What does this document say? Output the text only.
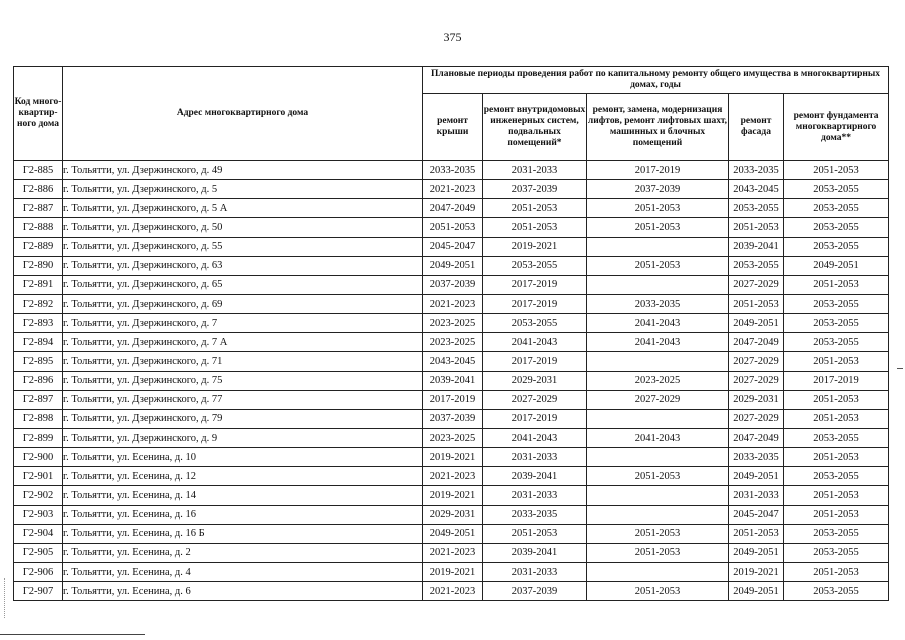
375
Код много-квартир-ного дома	Адрес многоквартирного дома	Плановые периоды проведения работ по капитальному ремонту общего имущества в многоквартирных домах, годы				
		ремонт крыши	ремонт внутридомовых инженерных систем, подвальных помещений*	ремонт, замена, модернизация лифтов, ремонт лифтовых шахт, машинных и блочных помещений	ремонт фасада	ремонт фундамента многоквартирного дома**
Г2-885	г. Тольятти, ул. Дзержинского, д. 49	2033-2035	2031-2033	2017-2019	2033-2035	2051-2053
Г2-886	г. Тольятти, ул. Дзержинского, д. 5	2021-2023	2037-2039	2037-2039	2043-2045	2053-2055
Г2-887	г. Тольятти, ул. Дзержинского, д. 5 А	2047-2049	2051-2053	2051-2053	2053-2055	2053-2055
Г2-888	г. Тольятти, ул. Дзержинского, д. 50	2051-2053	2051-2053	2051-2053	2051-2053	2053-2055
Г2-889	г. Тольятти, ул. Дзержинского, д. 55	2045-2047	2019-2021		2039-2041	2053-2055
Г2-890	г. Тольятти, ул. Дзержинского, д. 63	2049-2051	2053-2055	2051-2053	2053-2055	2049-2051
Г2-891	г. Тольятти, ул. Дзержинского, д. 65	2037-2039	2017-2019		2027-2029	2051-2053
Г2-892	г. Тольятти, ул. Дзержинского, д. 69	2021-2023	2017-2019	2033-2035	2051-2053	2053-2055
Г2-893	г. Тольятти, ул. Дзержинского, д. 7	2023-2025	2053-2055	2041-2043	2049-2051	2053-2055
Г2-894	г. Тольятти, ул. Дзержинского, д. 7 А	2023-2025	2041-2043	2041-2043	2047-2049	2053-2055
Г2-895	г. Тольятти, ул. Дзержинского, д. 71	2043-2045	2017-2019		2027-2029	2051-2053
Г2-896	г. Тольятти, ул. Дзержинского, д. 75	2039-2041	2029-2031	2023-2025	2027-2029	2017-2019
Г2-897	г. Тольятти, ул. Дзержинского, д. 77	2017-2019	2027-2029	2027-2029	2029-2031	2051-2053
Г2-898	г. Тольятти, ул. Дзержинского, д. 79	2037-2039	2017-2019		2027-2029	2051-2053
Г2-899	г. Тольятти, ул. Дзержинского, д. 9	2023-2025	2041-2043	2041-2043	2047-2049	2053-2055
Г2-900	г. Тольятти, ул. Есенина, д. 10	2019-2021	2031-2033		2033-2035	2051-2053
Г2-901	г. Тольятти, ул. Есенина, д. 12	2021-2023	2039-2041	2051-2053	2049-2051	2053-2055
Г2-902	г. Тольятти, ул. Есенина, д. 14	2019-2021	2031-2033		2031-2033	2051-2053
Г2-903	г. Тольятти, ул. Есенина, д. 16	2029-2031	2033-2035		2045-2047	2051-2053
Г2-904	г. Тольятти, ул. Есенина, д. 16 Б	2049-2051	2051-2053	2051-2053	2051-2053	2053-2055
Г2-905	г. Тольятти, ул. Есенина, д. 2	2021-2023	2039-2041	2051-2053	2049-2051	2053-2055
Г2-906	г. Тольятти, ул. Есенина, д. 4	2019-2021	2031-2033		2019-2021	2051-2053
Г2-907	г. Тольятти, ул. Есенина, д. 6	2021-2023	2037-2039	2051-2053	2049-2051	2053-2055
